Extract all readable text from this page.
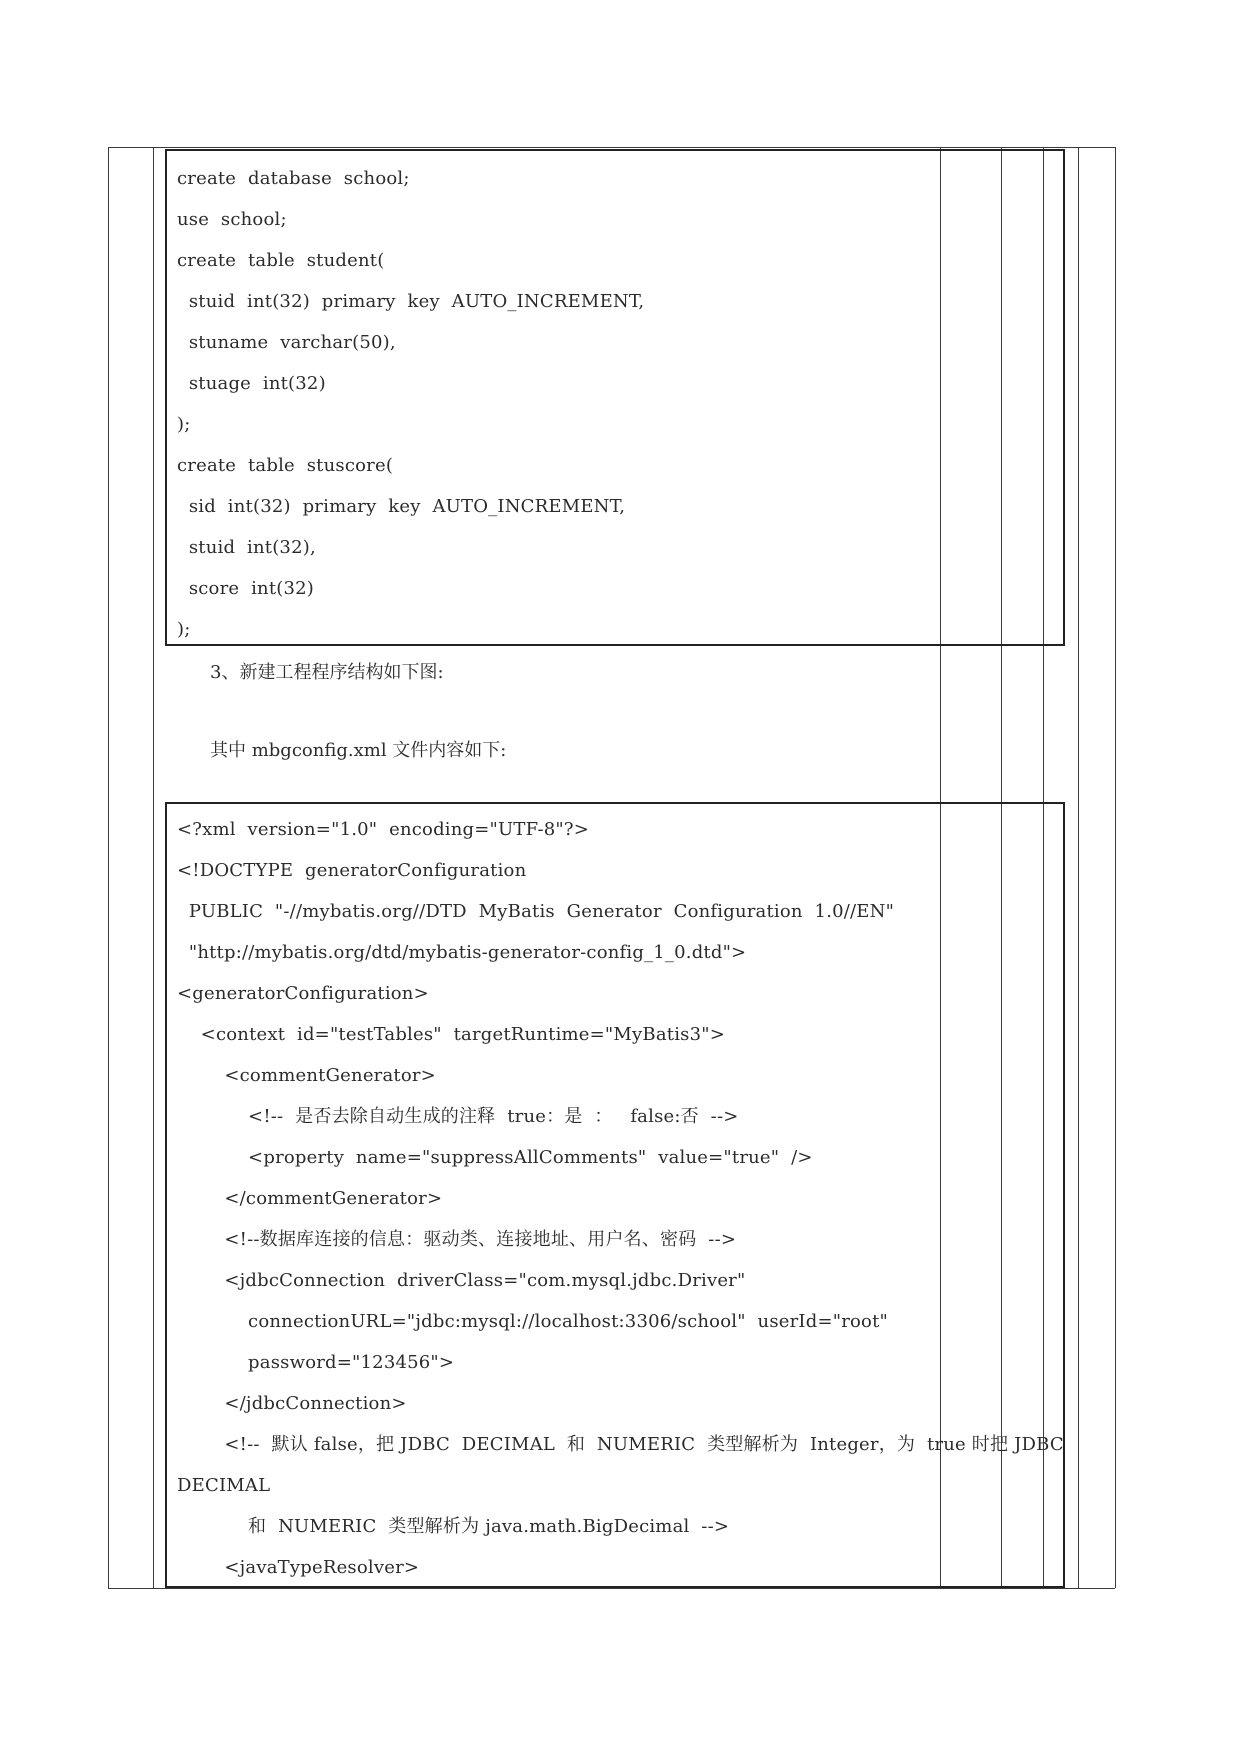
create  database  school;
use  school;
create  table  student(
stuid  int(32)  primary  key  AUTO_INCREMENT,
stuname  varchar(50),
stuage  int(32)
);
create  table  stuscore(
sid  int(32)  primary  key  AUTO_INCREMENT,
stuid  int(32),
score  int(32)
);
3、新建工程程序结构如下图:
其中 mbgconfig.xml 文件内容如下:
<?xml  version="1.0"  encoding="UTF-8"?>
<!DOCTYPE  generatorConfiguration
PUBLIC  "-//mybatis.org//DTD  MyBatis  Generator  Configuration  1.0//EN"
"http://mybatis.org/dtd/mybatis-generator-config_1_0.dtd">
<generatorConfiguration>
<context  id="testTables"  targetRuntime="MyBatis3">
<commentGenerator>
<!--  是否去除自动生成的注释  true：是  ：   false:否  -->
<property  name="suppressAllComments"  value="true"  />
</commentGenerator>
<!--数据库连接的信息：驱动类、连接地址、用户名、密码  -->
<jdbcConnection  driverClass="com.mysql.jdbc.Driver"
connectionURL="jdbc:mysql://localhost:3306/school"  userId="root"
password="123456">
</jdbcConnection>
<!--  默认 false，把 JDBC  DECIMAL  和  NUMERIC  类型解析为  Integer，为  true 时把 JDBC
DECIMAL
和  NUMERIC  类型解析为 java.math.BigDecimal  -->
<javaTypeResolver>
